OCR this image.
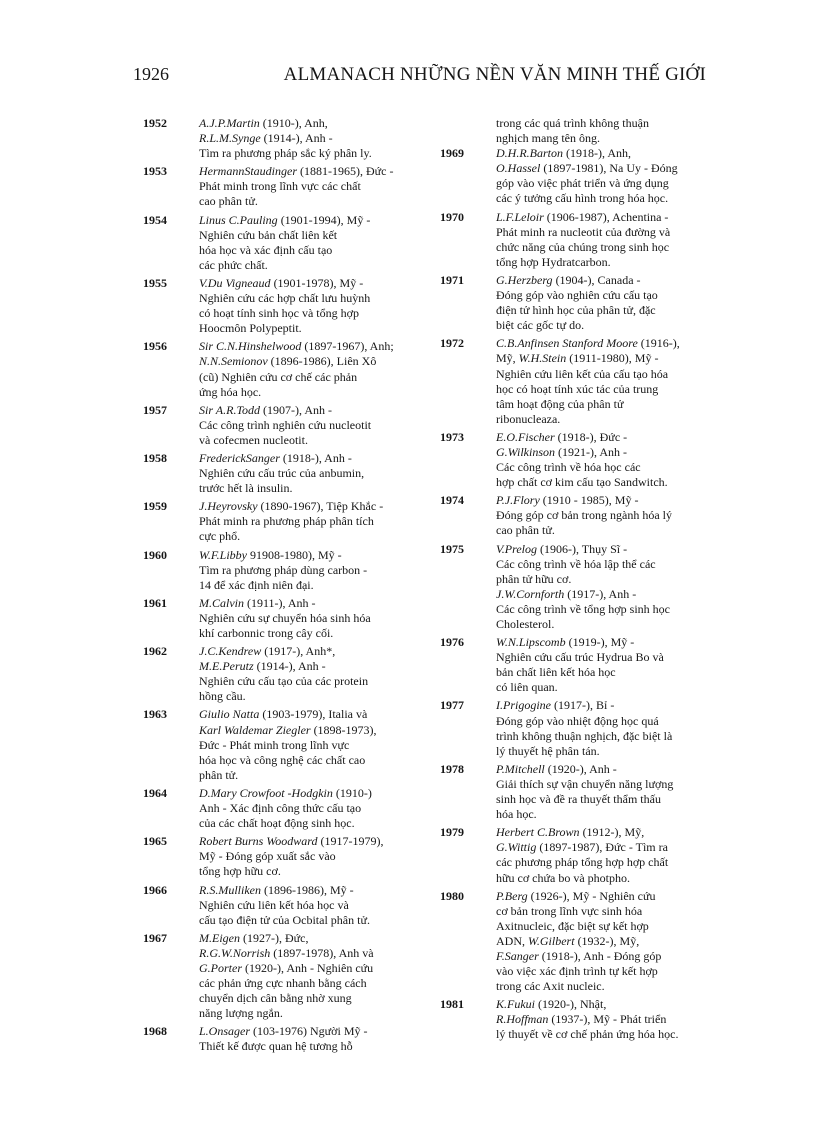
1926	ALMANACH NHỮNG NỀN VĂN MINH THẾ GIỚI
1952	A.J.P.Martin (1910-), Anh,
R.L.M.Synge (1914-), Anh -
Tìm ra phương pháp sắc ký phân ly.
1953	HermannStaudinger (1881-1965), Đức -
Phát minh trong lĩnh vực các chất
cao phân tử.
1954	Linus C.Pauling (1901-1994), Mỹ -
Nghiên cứu bản chất liên kết
hóa học và xác định cấu tạo
các phức chất.
1955	V.Du Vigneaud (1901-1978), Mỹ -
Nghiên cứu các hợp chất lưu huỳnh
có hoạt tính sinh học và tổng hợp
Hoocmôn Polypeptit.
1956	Sir C.N.Hinshelwood (1897-1967), Anh;
N.N.Semionov (1896-1986), Liên Xô
(cũ) Nghiên cứu cơ chế các phản
ứng hóa học.
1957	Sir A.R.Todd (1907-), Anh -
Các công trình nghiên cứu nucleotit
và cofecmen nucleotit.
1958	FrederickSanger (1918-), Anh -
Nghiên cứu cấu trúc của anbumin,
trước hết là insulin.
1959	J.Heyrovsky (1890-1967), Tiệp Khắc -
Phát minh ra phương pháp phân tích
cực phổ.
1960	W.F.Libby 91908-1980), Mỹ -
Tìm ra phương pháp dùng carbon -
14 để xác định niên đại.
1961	M.Calvin (1911-), Anh -
Nghiên cứu sự chuyển hóa sinh hóa
khí carbonnic trong cây cối.
1962	J.C.Kendrew (1917-), Anh*,
M.E.Perutz (1914-), Anh -
Nghiên cứu cấu tạo của các protein
hồng cầu.
1963	Giulio Natta (1903-1979), Italia và
Karl Waldemar Ziegler (1898-1973),
Đức - Phát minh trong lĩnh vực
hóa học và công nghệ các chất cao
phân tử.
1964	D.Mary Crowfoot -Hodgkin (1910-)
Anh - Xác định công thức cấu tạo
của các chất hoạt động sinh học.
1965	Robert Burns Woodward (1917-1979),
Mỹ - Đóng góp xuất sắc vào
tổng hợp hữu cơ.
1966	R.S.Mulliken (1896-1986), Mỹ -
Nghiên cứu liên kết hóa học và
cấu tạo điện tử của Ocbital phân tử.
1967	M.Eigen (1927-), Đức,
R.G.W.Norrish (1897-1978), Anh và
G.Porter (1920-), Anh - Nghiên cứu
các phản ứng cực nhanh bằng cách
chuyển dịch cân bằng nhờ xung
năng lượng ngắn.
1968	L.Onsager (103-1976) Người Mỹ -
Thiết kế được quan hệ tương hỗ
trong các quá trình không thuận
nghịch mang tên ông.
1969	D.H.R.Barton (1918-), Anh,
O.Hassel (1897-1981), Na Uy - Đóng
góp vào việc phát triển và ứng dụng
các ý tưởng cấu hình trong hóa học.
1970	L.F.Leloir (1906-1987), Achentina -
Phát minh ra nucleotit của đường và
chức năng của chúng trong sinh học
tổng hợp Hydratcarbon.
1971	G.Herzberg (1904-), Canada -
Đóng góp vào nghiên cứu cấu tạo
điện tử hình học của phân tử, đặc
biệt các gốc tự do.
1972	C.B.Anfinsen Stanford Moore (1916-),
Mỹ, W.H.Stein (1911-1980), Mỹ -
Nghiên cứu liên kết của cấu tạo hóa
học có hoạt tính xúc tác của trung
tâm hoạt động của phân tử
ribonucleaza.
1973	E.O.Fischer (1918-), Đức -
G.Wilkinson (1921-), Anh -
Các công trình về hóa học các
hợp chất cơ kim cấu tạo Sandwitch.
1974	P.J.Flory (1910 - 1985), Mỹ -
Đóng góp cơ bản trong ngành hóa lý
cao phân tử.
1975	V.Prelog (1906-), Thụy Sĩ -
Các công trình về hóa lập thể các
phân tử hữu cơ.
J.W.Cornforth (1917-), Anh -
Các công trình về tổng hợp sinh học
Cholesterol.
1976	W.N.Lipscomb (1919-), Mỹ -
Nghiên cứu cấu trúc Hydrua Bo và
bản chất liên kết hóa học
có liên quan.
1977	I.Prigogine (1917-), Bỉ -
Đóng góp vào nhiệt động học quá
trình không thuận nghịch, đặc biệt là
lý thuyết hệ phân tán.
1978	P.Mitchell (1920-), Anh -
Giải thích sự vận chuyển năng lượng
sinh học và đề ra thuyết thẩm thấu
hóa học.
1979	Herbert C.Brown (1912-), Mỹ,
G.Wittig (1897-1987), Đức - Tìm ra
các phương pháp tổng hợp hợp chất
hữu cơ chứa bo và photpho.
1980	P.Berg (1926-), Mỹ - Nghiên cứu
cơ bản trong lĩnh vực sinh hóa
Axitnucleic, đặc biệt sự kết hợp
ADN, W.Gilbert (1932-), Mỹ,
F.Sanger (1918-), Anh - Đóng góp
vào việc xác định trình tự kết hợp
trong các Axit nucleic.
1981	K.Fukui (1920-), Nhật,
R.Hoffman (1937-), Mỹ - Phát triển
lý thuyết về cơ chế phản ứng hóa học.
